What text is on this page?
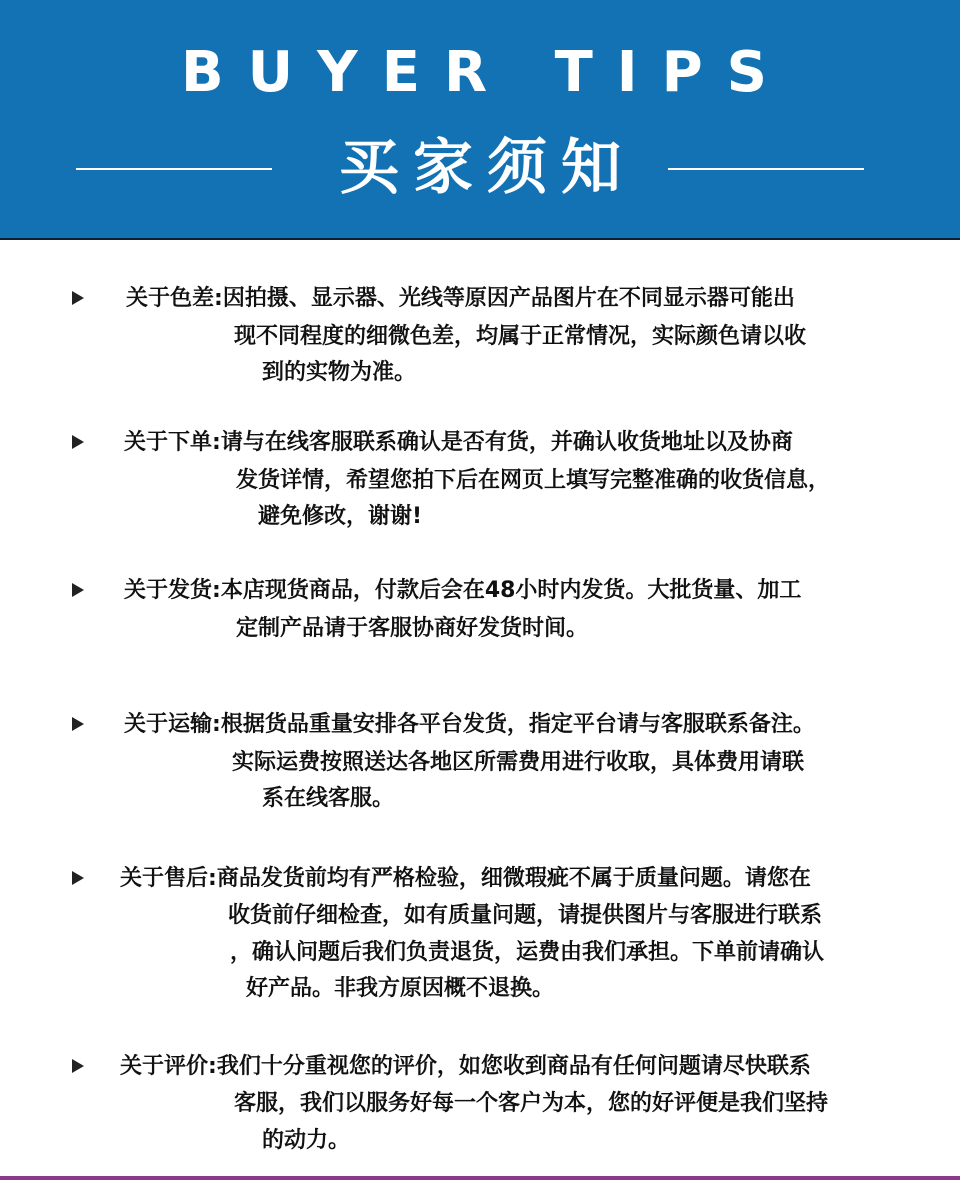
BUYER TIPS
买家须知
关于色差:因拍摄、显示器、光线等原因产品图片在不同显示器可能出
现不同程度的细微色差，均属于正常情况，实际颜色请以收
到的实物为准。
关于下单:请与在线客服联系确认是否有货，并确认收货地址以及协商
发货详情，希望您拍下后在网页上填写完整准确的收货信息，
避免修改，谢谢!
关于发货:本店现货商品，付款后会在48小时内发货。大批货量、加工
定制产品请于客服协商好发货时间。
关于运输:根据货品重量安排各平台发货，指定平台请与客服联系备注。
实际运费按照送达各地区所需费用进行收取，具体费用请联
系在线客服。
关于售后:商品发货前均有严格检验，细微瑕疵不属于质量问题。请您在
收货前仔细检查，如有质量问题，请提供图片与客服进行联系
，确认问题后我们负责退货，运费由我们承担。下单前请确认
好产品。非我方原因概不退换。
关于评价:我们十分重视您的评价，如您收到商品有任何问题请尽快联系
客服，我们以服务好每一个客户为本，您的好评便是我们坚持
的动力。
